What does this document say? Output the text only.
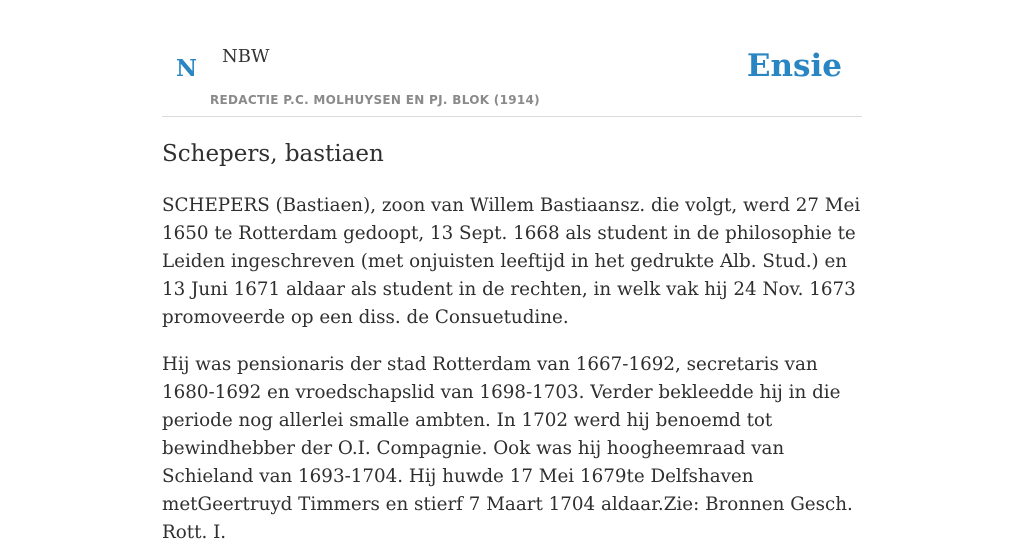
N NBW
REDACTIE P.C. MOLHUYSEN EN PJ. BLOK (1914)
Ensie
Schepers, bastiaen

SCHEPERS (Bastiaen), zoon van Willem Bastiaansz. die volgt, werd 27 Mei 1650 te Rotterdam gedoopt, 13 Sept. 1668 als student in de philosophie te Leiden ingeschreven (met onjuisten leeftijd in het gedrukte Alb. Stud.) en 13 Juni 1671 aldaar als student in de rechten, in welk vak hij 24 Nov. 1673 promoveerde op een diss. de Consuetudine.

Hij was pensionaris der stad Rotterdam van 1667-1692, secretaris van 1680-1692 en vroedschapslid van 1698-1703. Verder bekleedde hij in die periode nog allerlei smalle ambten. In 1702 werd hij benoemd tot bewindhebber der O.I. Compagnie. Ook was hij hoogheemraad van Schieland van 1693-1704. Hij huwde 17 Mei 1679te Delfshaven metGeertruyd Timmers en stierf 7 Maart 1704 aldaar.Zie: Bronnen Gesch. Rott. I.
